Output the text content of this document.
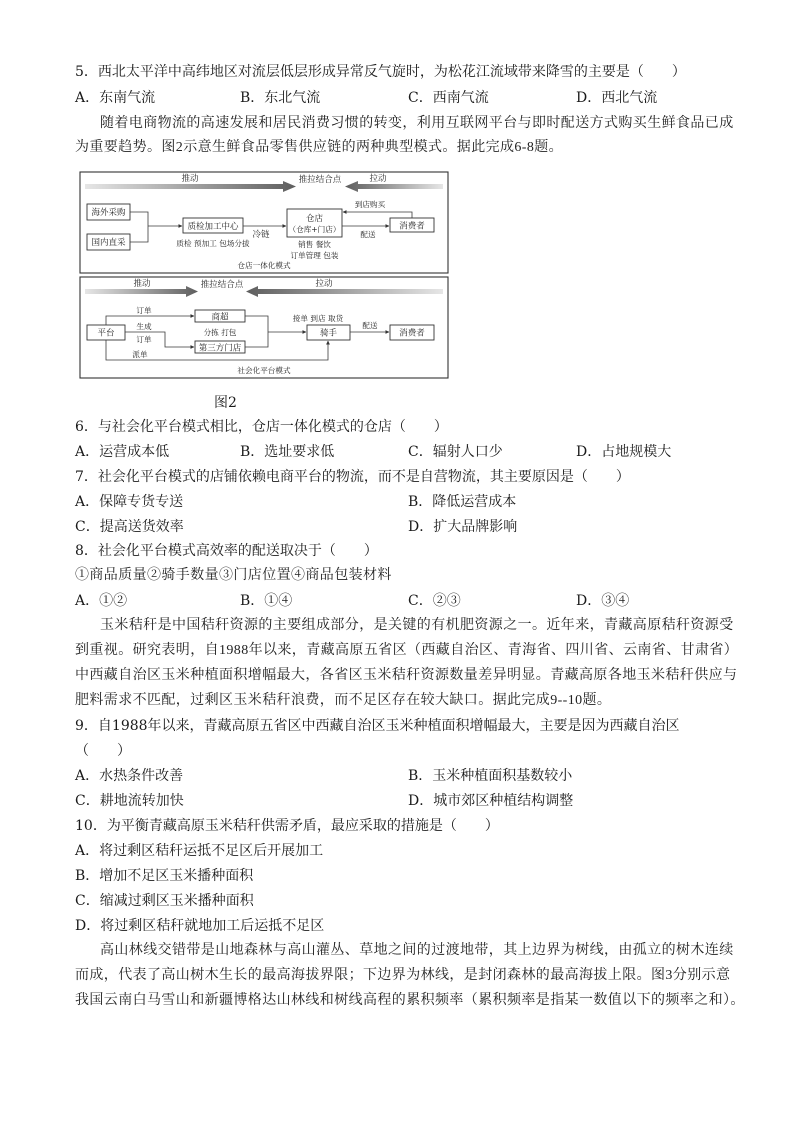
5．西北太平洋中高纬地区对流层低层形成异常反气旋时，为松花江流域带来降雪的主要是（　　）
A．东南气流	B．东北气流	C．西南气流	D．西北气流
随着电商物流的高速发展和居民消费习惯的转变，利用互联网平台与即时配送方式购买生鲜食品已成
为重要趋势。图2示意生鲜食品零售供应链的两种典型模式。据此完成6-8题。
推动	推拉结合点	拉动
海外采购
国内直采
质检加工中心
质检 预加工 包场分拔
冷链
仓店
（仓库+门店）
销售 餐饮
订单管理 包装
到店购买
配送
消费者
仓店一体化模式
推动	推拉结合点	拉动
平台
订单
生成
订单
商超
分拣 打包
第三方门店
接单 到店 取货
骑手
配送
消费者
派单
社会化平台模式
图2
6．与社会化平台模式相比，仓店一体化模式的仓店（　　）
A．运营成本低	B．选址要求低	C．辐射人口少	D．占地规模大
7．社会化平台模式的店铺依赖电商平台的物流，而不是自营物流，其主要原因是（　　）
A．保障专货专送	B．降低运营成本
C．提高送货效率	D．扩大品牌影响
8．社会化平台模式高效率的配送取决于（　　）
①商品质量②骑手数量③门店位置④商品包装材料
A．①②	B．①④	C．②③	D．③④
玉米秸秆是中国秸秆资源的主要组成部分，是关键的有机肥资源之一。近年来，青藏高原秸秆资源受
到重视。研究表明，自1988年以来，青藏高原五省区（西藏自治区、青海省、四川省、云南省、甘肃省）
中西藏自治区玉米种植面积增幅最大，各省区玉米秸秆资源数量差异明显。青藏高原各地玉米秸秆供应与
肥料需求不匹配，过剩区玉米秸秆浪费，而不足区存在较大缺口。据此完成9--10题。
9．自1988年以来，青藏高原五省区中西藏自治区玉米种植面积增幅最大，主要是因为西藏自治区
（　　）
A．水热条件改善	B．玉米种植面积基数较小
C．耕地流转加快	D．城市郊区种植结构调整
10．为平衡青藏高原玉米秸秆供需矛盾，最应采取的措施是（　　）
A．将过剩区秸秆运抵不足区后开展加工
B．增加不足区玉米播种面积
C．缩减过剩区玉米播种面积
D．将过剩区秸秆就地加工后运抵不足区
高山林线交错带是山地森林与高山灌丛、草地之间的过渡地带，其上边界为树线，由孤立的树木连续
而成，代表了高山树木生长的最高海拔界限；下边界为林线，是封闭森林的最高海拔上限。图3分别示意
我国云南白马雪山和新疆博格达山林线和树线高程的累积频率（累积频率是指某一数值以下的频率之和）。
